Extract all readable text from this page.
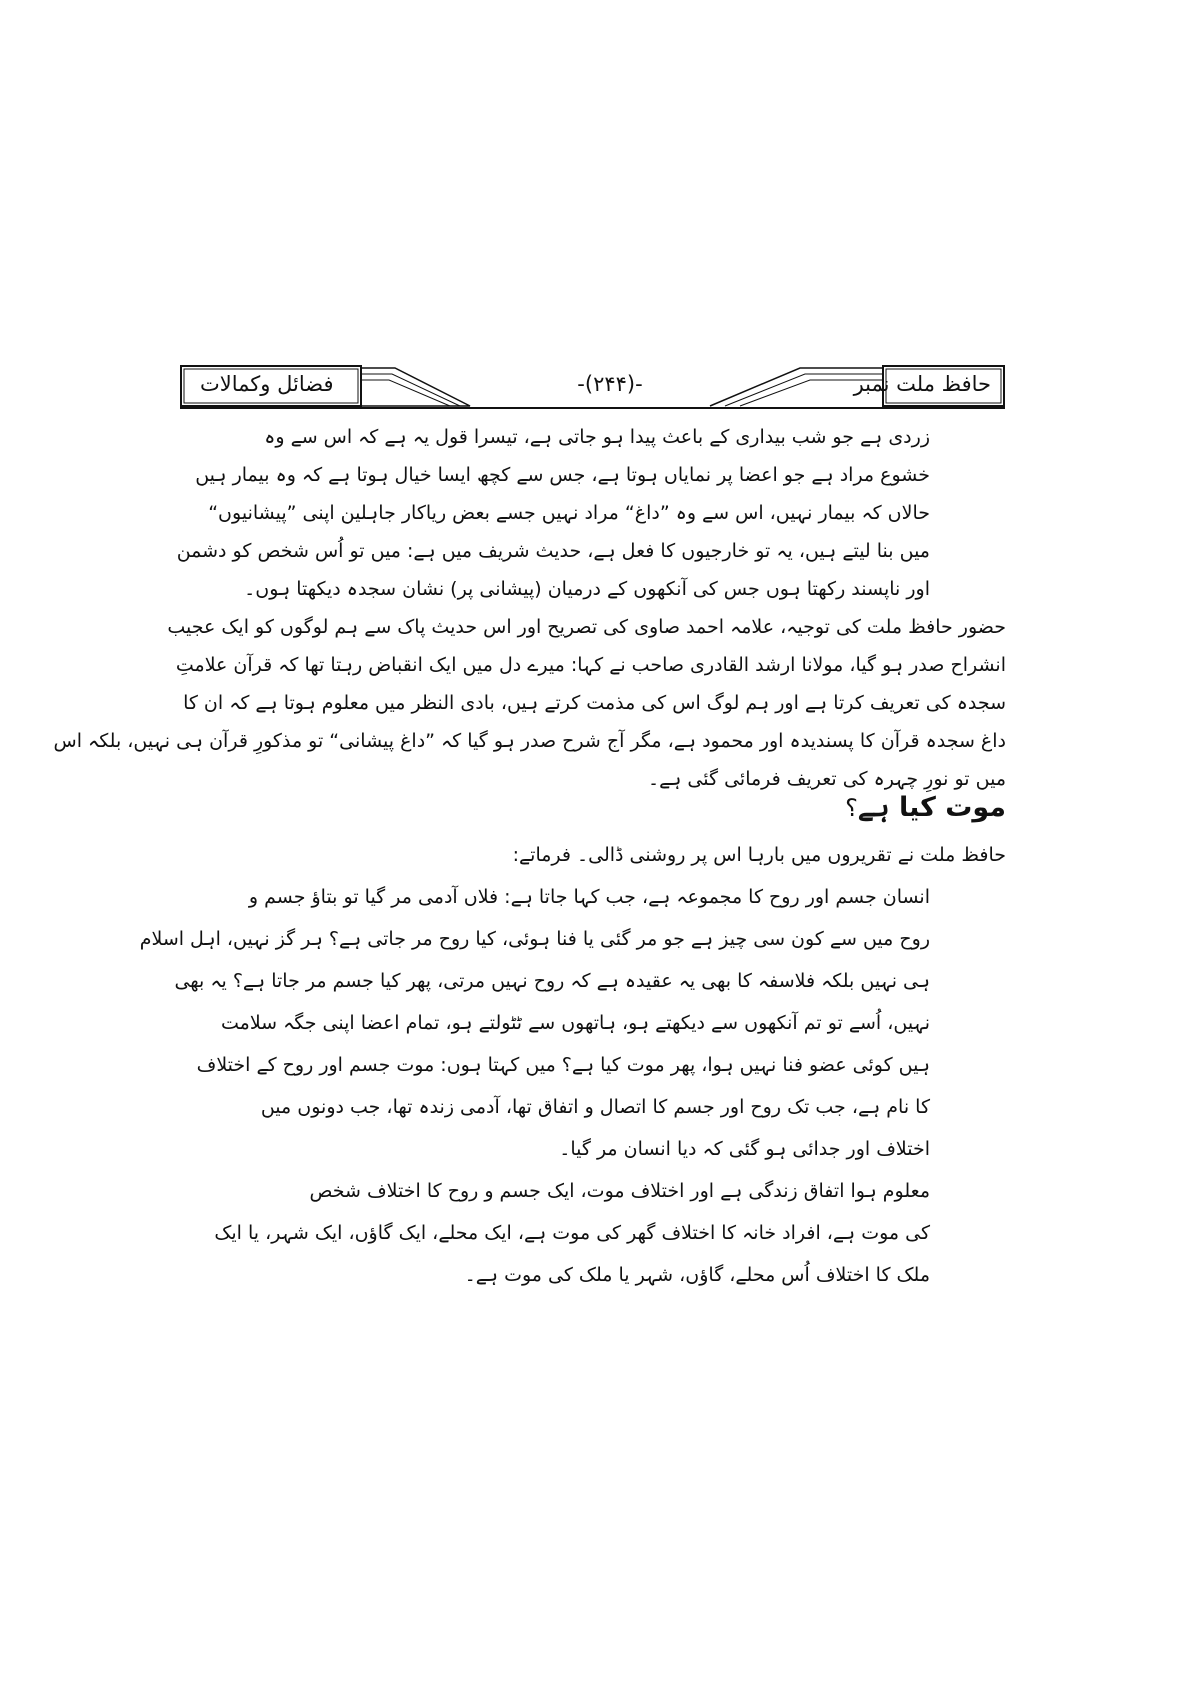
فضائل وکمالات	-(۲۴۴)-	حافظ ملت نمبر
زردی ہے جو شب بیداری کے باعث پیدا ہو جاتی ہے، تیسرا قول یہ ہے کہ اس سے وہ
خشوع مراد ہے جو اعضا پر نمایاں ہوتا ہے، جس سے کچھ ایسا خیال ہوتا ہے کہ وہ بیمار ہیں
حالاں کہ بیمار نہیں، اس سے وہ ”داغ“ مراد نہیں جسے بعض ریاکار جاہلین اپنی ”پیشانیوں“
میں بنا لیتے ہیں، یہ تو خارجیوں کا فعل ہے، حدیث شریف میں ہے: میں تو اُس شخص کو دشمن
اور ناپسند رکھتا ہوں جس کی آنکھوں کے درمیان (پیشانی پر) نشان سجدہ دیکھتا ہوں۔
حضور حافظ ملت کی توجیہ، علامہ احمد صاوی کی تصریح اور اس حدیث پاک سے ہم لوگوں کو ایک عجیب
انشراح صدر ہو گیا، مولانا ارشد القادری صاحب نے کہا: میرے دل میں ایک انقباض رہتا تھا کہ قرآن علامتِ
سجدہ کی تعریف کرتا ہے اور ہم لوگ اس کی مذمت کرتے ہیں، بادی النظر میں معلوم ہوتا ہے کہ ان کا
داغ سجدہ قرآن کا پسندیدہ اور محمود ہے، مگر آج شرح صدر ہو گیا کہ ”داغ پیشانی“ تو مذکورِ قرآن ہی نہیں، بلکہ اس
میں تو نورِ چہرہ کی تعریف فرمائی گئی ہے۔
موت کیا ہے؟
حافظ ملت نے تقریروں میں بارہا اس پر روشنی ڈالی۔ فرماتے:
انسان جسم اور روح کا مجموعہ ہے، جب کہا جاتا ہے: فلاں آدمی مر گیا تو بتاؤ جسم و
روح میں سے کون سی چیز ہے جو مر گئی یا فنا ہوئی، کیا روح مر جاتی ہے؟ ہر گز نہیں، اہل اسلام
ہی نہیں بلکہ فلاسفہ کا بھی یہ عقیدہ ہے کہ روح نہیں مرتی، پھر کیا جسم مر جاتا ہے؟ یہ بھی
نہیں، اُسے تو تم آنکھوں سے دیکھتے ہو، ہاتھوں سے ٹٹولتے ہو، تمام اعضا اپنی جگہ سلامت
ہیں کوئی عضو فنا نہیں ہوا، پھر موت کیا ہے؟ میں کہتا ہوں: موت جسم اور روح کے اختلاف
کا نام ہے، جب تک روح اور جسم کا اتصال و اتفاق تھا، آدمی زندہ تھا، جب دونوں میں
اختلاف اور جدائی ہو گئی کہ دیا انسان مر گیا۔
معلوم ہوا اتفاق زندگی ہے اور اختلاف موت، ایک جسم و روح کا اختلاف شخص
کی موت ہے، افراد خانہ کا اختلاف گھر کی موت ہے، ایک محلے، ایک گاؤں، ایک شہر، یا ایک
ملک کا اختلاف اُس محلے، گاؤں، شہر یا ملک کی موت ہے۔
